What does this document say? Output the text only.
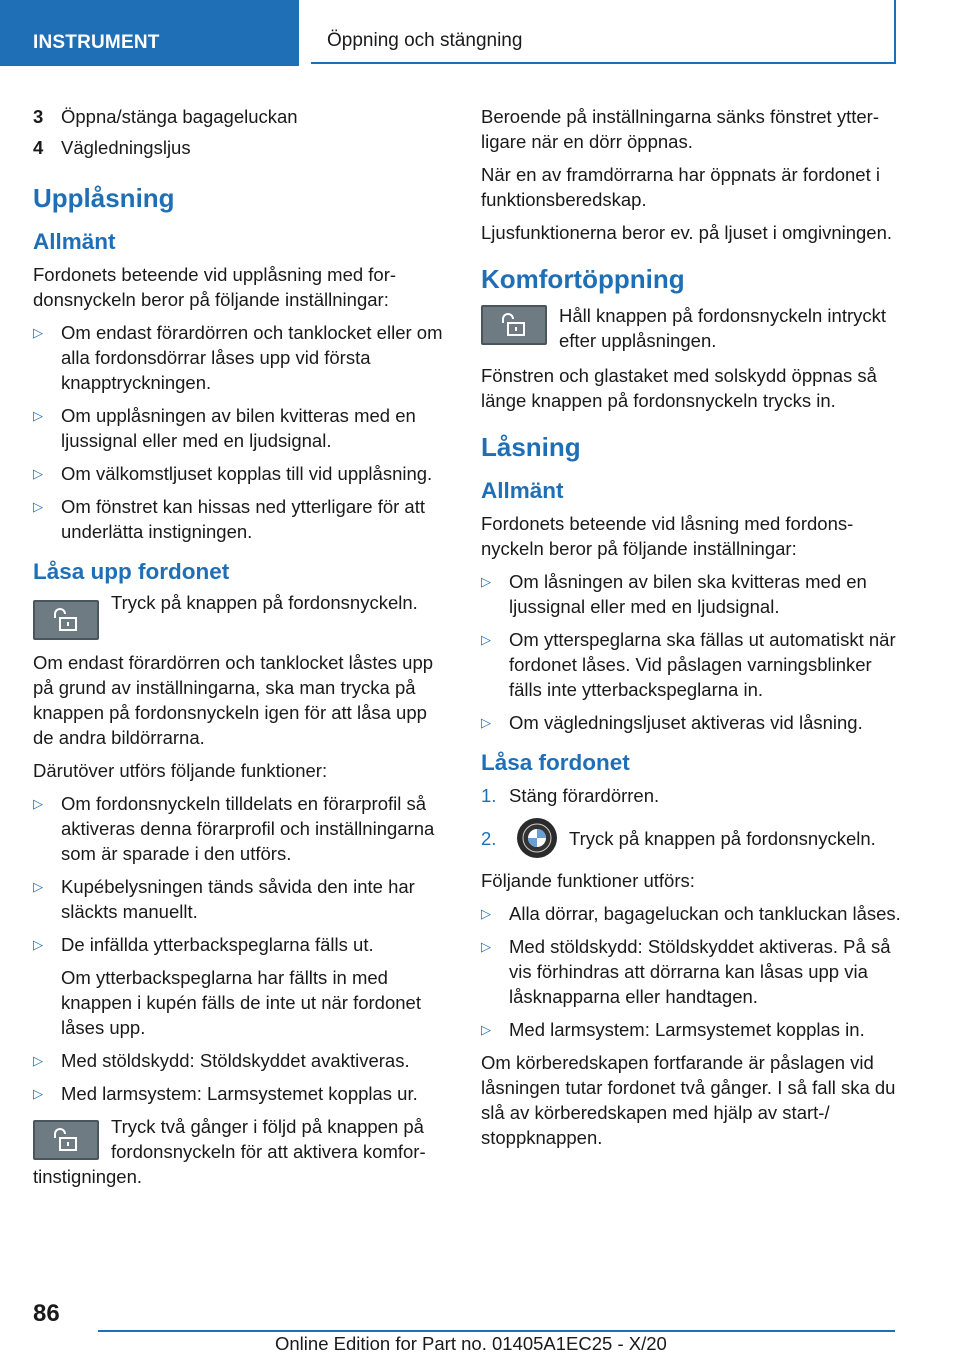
INSTRUMENT	Öppning och stängning
3 Öppna/stänga bagageluckan
4 Vägledningsljus
Upplåsning
Allmänt

Fordonets beteende vid upplåsning med fordonsnyckeln beror på följande inställningar:

▷ Om endast förardörren och tanklocket eller om alla fordonsdörrar låses upp vid första knapptryckningen.
▷ Om upplåsningen av bilen kvitteras med en ljussignal eller med en ljudsignal.
▷ Om välkomstljuset kopplas till vid upplåsning.
▷ Om fönstret kan hissas ned ytterligare för att underlätta instigningen.
Låsa upp fordonet
Tryck på knappen på fordonsnyckeln.

Om endast förardörren och tanklocket låstes upp på grund av inställningarna, ska man trycka på knappen på fordonsnyckeln igen för att låsa upp de andra bildörrarna.

Därutöver utförs följande funktioner:

▷ Om fordonsnyckeln tilldelats en förarprofil så aktiveras denna förarprofil och inställningarna som är sparade i den utförs.
▷ Kupébelysningen tänds såvida den inte har släckts manuellt.
▷ De infällda ytterbackspeglarna fälls ut.

Om ytterbackspeglarna har fällts in med knappen i kupén fälls de inte ut när fordonet låses upp.

▷ Med stöldskydd: Stöldskyddet avaktiveras.
▷ Med larmsystem: Larmsystemet kopplas ur.
Tryck två gånger i följd på knappen på fordonsnyckeln för att aktivera komfortinstigningen.

Beroende på inställningarna sänks fönstret ytterligare när en dörr öppnas.

När en av framdörrarna har öppnats är fordonet i funktionsberedskap.

Ljusfunktionerna beror ev. på ljuset i omgivningen.

Komfortöppning
Håll knappen på fordonsnyckeln intryckt efter upplåsningen.

Fönstren och glastaket med solskydd öppnas så länge knappen på fordonsnyckeln trycks in.

Låsning
Allmänt

Fordonets beteende vid låsning med fordonsnyckeln beror på följande inställningar:

▷ Om låsningen av bilen ska kvitteras med en ljussignal eller med en ljudsignal.
▷ Om ytterspeglarna ska fällas ut automatiskt när fordonet låses. Vid påslagen varningsblinker fälls inte ytterbackspeglarna in.
▷ Om vägledningsljuset aktiveras vid låsning.
Låsa fordonet
1. Stäng förardörren.
2.	Tryck på knappen på fordonsnyckeln.

Följande funktioner utförs:

▷ Alla dörrar, bagageluckan och tankluckan låses.
▷ Med stöldskydd: Stöldskyddet aktiveras. På så vis förhindras att dörrarna kan låsas upp via låsknapparna eller handtagen.
▷ Med larmsystem: Larmsystemet kopplas in.

Om körberedskapen fortfarande är påslagen vid låsningen tutar fordonet två gånger. I så fall ska du slå av körberedskapen med hjälp av start-/ stoppknappen.

86
Online Edition for Part no. 01405A1EC25 - X/20
